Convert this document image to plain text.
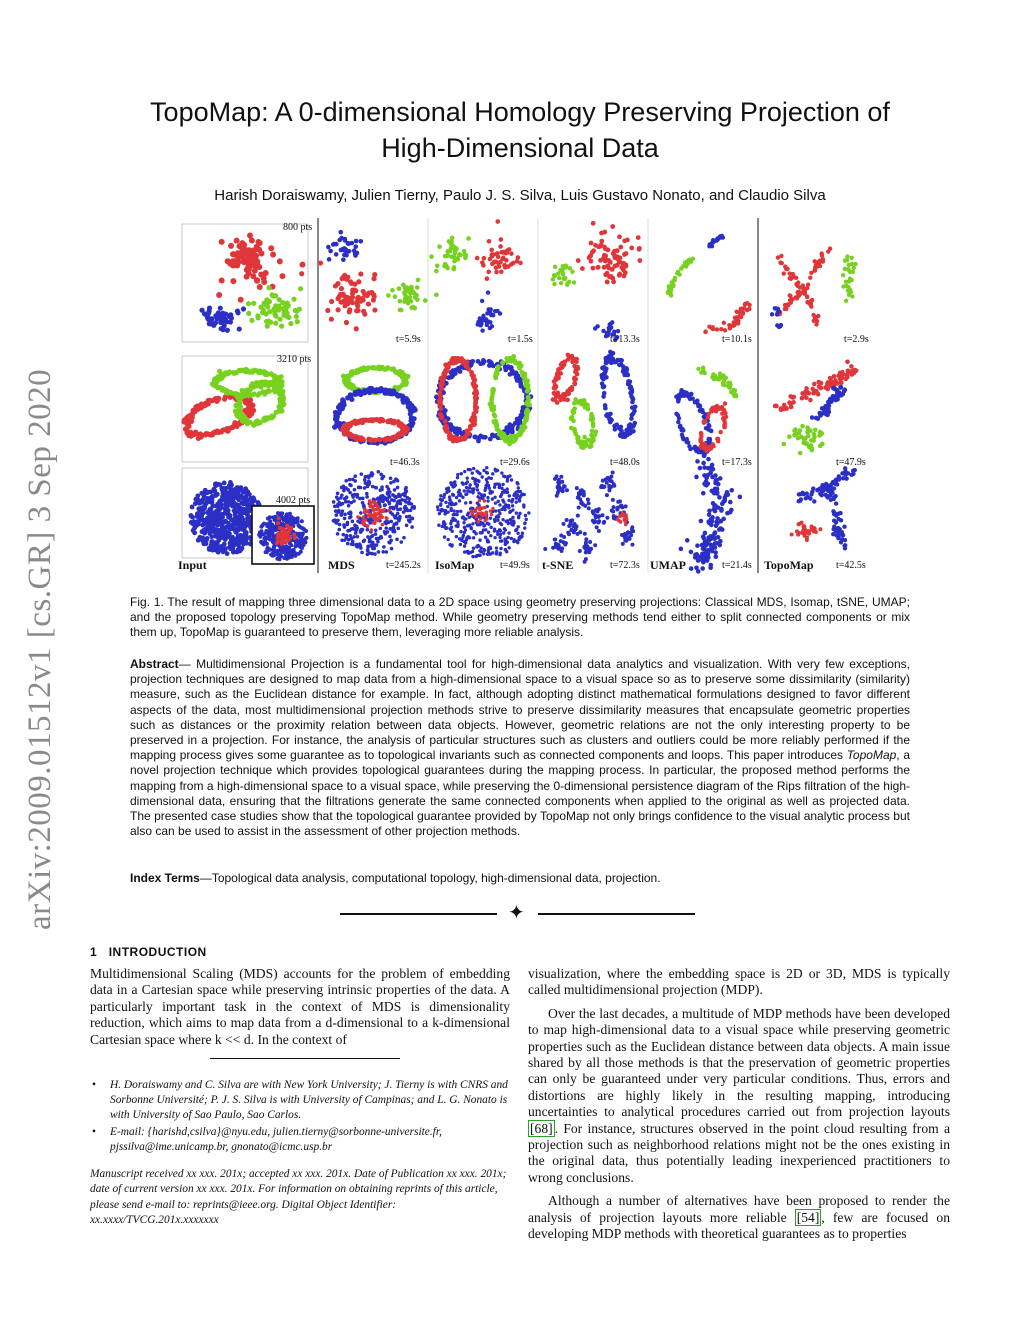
arXiv:2009.01512v1 [cs.GR] 3 Sep 2020
TopoMap: A 0-dimensional Homology Preserving Projection of
High-Dimensional Data
Harish Doraiswamy, Julien Tierny, Paulo J. S. Silva, Luis Gustavo Nonato, and Claudio Silva
800 pts
3210 pts
4002 pts
t=5.9s	t=1.5s	t=13.3s	t=10.1s	t=2.9s
t=46.3s	t=29.6s	t=48.0s	t=17.3s	t=47.9s
t=245.2s	t=49.9s	t=72.3s	t=21.4s	t=42.5s
Input	MDS	IsoMap	t-SNE	UMAP	TopoMap
Fig. 1. The result of mapping three dimensional data to a 2D space using geometry preserving projections: Classical MDS, Isomap, tSNE, UMAP; and the proposed topology preserving TopoMap method. While geometry preserving methods tend either to split connected components or mix them up, TopoMap is guaranteed to preserve them, leveraging more reliable analysis.
Abstract— Multidimensional Projection is a fundamental tool for high-dimensional data analytics and visualization. With very few exceptions, projection techniques are designed to map data from a high-dimensional space to a visual space so as to preserve some dissimilarity (similarity) measure, such as the Euclidean distance for example. In fact, although adopting distinct mathematical formulations designed to favor different aspects of the data, most multidimensional projection methods strive to preserve dissimilarity measures that encapsulate geometric properties such as distances or the proximity relation between data objects. However, geometric relations are not the only interesting property to be preserved in a projection. For instance, the analysis of particular structures such as clusters and outliers could be more reliably performed if the mapping process gives some guarantee as to topological invariants such as connected components and loops. This paper introduces TopoMap, a novel projection technique which provides topological guarantees during the mapping process. In particular, the proposed method performs the mapping from a high-dimensional space to a visual space, while preserving the 0-dimensional persistence diagram of the Rips filtration of the high-dimensional data, ensuring that the filtrations generate the same connected components when applied to the original as well as projected data. The presented case studies show that the topological guarantee provided by TopoMap not only brings confidence to the visual analytic process but also can be used to assist in the assessment of other projection methods.
Index Terms—Topological data analysis, computational topology, high-dimensional data, projection.
✦
1 INTRODUCTION

Multidimensional Scaling (MDS) accounts for the problem of embedding data in a Cartesian space while preserving intrinsic properties of the data. A particularly important task in the context of MDS is dimensionality reduction, which aims to map data from a d-dimensional to a k-dimensional Cartesian space where k << d. In the context of

•	H. Doraiswamy and C. Silva are with New York University; J. Tierny is with CNRS and Sorbonne Université; P. J. S. Silva is with University of Campinas; and L. G. Nonato is with University of Sao Paulo, Sao Carlos.
•	E-mail: {harishd,csilva}@nyu.edu, julien.tierny@sorbonne-universite.fr, pjssilva@ime.unicamp.br, gnonato@icmc.usp.br
Manuscript received xx xxx. 201x; accepted xx xxx. 201x. Date of Publication xx xxx. 201x; date of current version xx xxx. 201x. For information on obtaining reprints of this article, please send e-mail to: reprints@ieee.org. Digital Object Identifier: xx.xxxx/TVCG.201x.xxxxxxx

visualization, where the embedding space is 2D or 3D, MDS is typically called multidimensional projection (MDP).

Over the last decades, a multitude of MDP methods have been developed to map high-dimensional data to a visual space while preserving geometric properties such as the Euclidean distance between data objects. A main issue shared by all those methods is that the preservation of geometric properties can only be guaranteed under very particular conditions. Thus, errors and distortions are highly likely in the resulting mapping, introducing uncertainties to analytical procedures carried out from projection layouts [68] . For instance, structures observed in the point cloud resulting from a projection such as neighborhood relations might not be the ones existing in the original data, thus potentially leading inexperienced practitioners to wrong conclusions.

Although a number of alternatives have been proposed to render the analysis of projection layouts more reliable [54] , few are focused on developing MDP methods with theoretical guarantees as to properties
